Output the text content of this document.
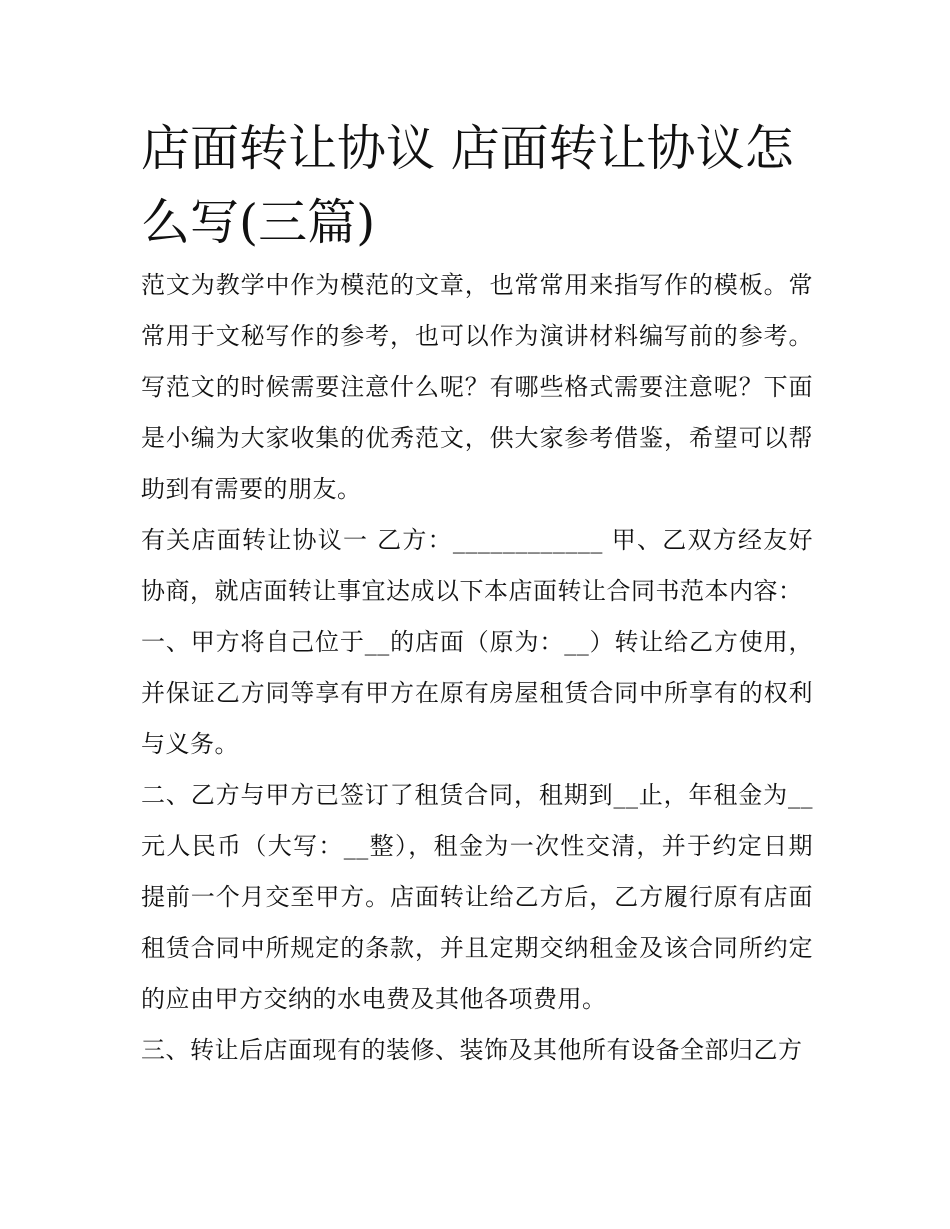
店面转让协议 店面转让协议怎么写(三篇)

范文为教学中作为模范的文章，也常常用来指写作的模板。常常用于文秘写作的参考，也可以作为演讲材料编写前的参考。写范文的时候需要注意什么呢？有哪些格式需要注意呢？下面是小编为大家收集的优秀范文，供大家参考借鉴，希望可以帮助到有需要的朋友。

有关店面转让协议一 乙方：____________ 甲、乙双方经友好协商，就店面转让事宜达成以下本店面转让合同书范本内容：

一、甲方将自己位于__的店面（原为：__）转让给乙方使用，并保证乙方同等享有甲方在原有房屋租赁合同中所享有的权利与义务。

二、乙方与甲方已签订了租赁合同，租期到__止，年租金为__元人民币（大写：__整），租金为一次性交清，并于约定日期提前一个月交至甲方。店面转让给乙方后，乙方履行原有店面租赁合同中所规定的条款，并且定期交纳租金及该合同所约定的应由甲方交纳的水电费及其他各项费用。

三、转让后店面现有的装修、装饰及其他所有设备全部归乙方
